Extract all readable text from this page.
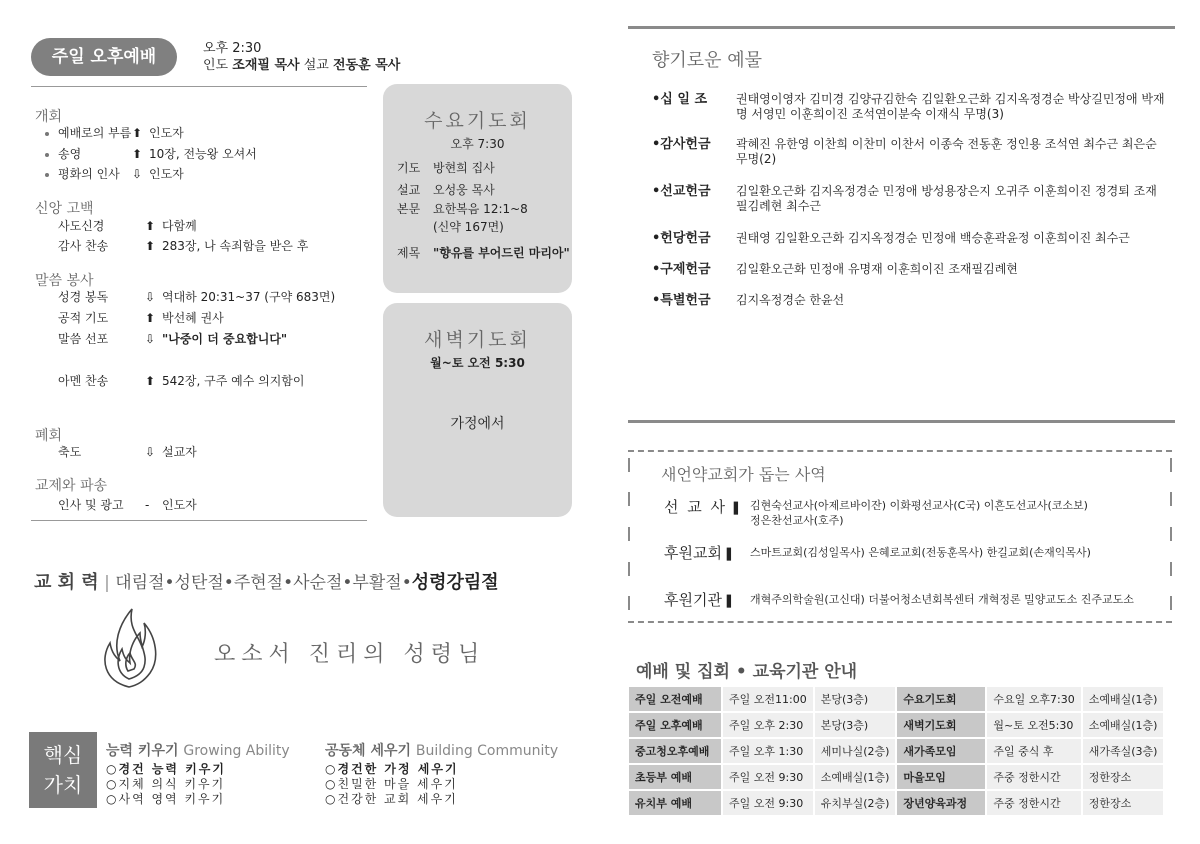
주일 오후예배	오후 2:30
인도 조재필 목사 설교 전동훈 목사
개회
예배로의 부름 ⬆ 인도자
송영	⬆ 10장, 전능왕 오셔서
평화의 인사 ⇩ 인도자
신앙 고백
사도신경	⬆ 다함께
감사 찬송	⬆ 283장, 나 속죄함을 받은 후
말씀 봉사
성경 봉독	⇩ 역대하 20:31~37 (구약 683면)
공적 기도	⬆ 박선혜 권사
말씀 선포	⇩ "나중이 더 중요합니다"
아멘 찬송	⬆ 542장, 구주 예수 의지함이
폐회
축도	⇩ 설교자
교제와 파송
인사 및 광고 - 인도자
수요기도회
오후 7:30
기도 방현희 집사
설교 오성웅 목사
본문 요한복음 12:1~8
(신약 167면)
제목 "향유를 부어드린 마리아"
새벽기도회
월~토 오전 5:30
가정에서
교 회 력 | 대림절•성탄절•주현절•사순절•부활절•성령강림절
오소서 진리의 성령님
핵심
가치
능력 키우기 Growing Ability
○경건 능력 키우기
○지체 의식 키우기
○사역 영역 키우기
공동체 세우기 Building Community
○경건한 가정 세우기
○친밀한 마을 세우기
○건강한 교회 세우기
향기로운 예물
•십 일 조 권태영이영자 김미경 김양규김한숙 김일환오근화 김지옥정경순 박상길민정애 박재명 서영민 이훈희이진 조석연이분숙 이재식 무명(3)
•감사헌금 곽혜진 유한영 이찬희 이찬미 이찬서 이종숙 전동훈 정인용 조석연 최수근 최은순 무명(2)
•선교헌금 김일환오근화 김지옥정경순 민정애 방성용장은지 오귀주 이훈희이진 정경퇴 조재필김례현 최수근
•헌당헌금 권태영 김일환오근화 김지옥정경순 민정애 백승훈곽윤정 이훈희이진 최수근
•구제헌금 김일환오근화 민정애 유명재 이훈희이진 조재필김례현
•특별헌금 김지옥정경순 한윤선
새언약교회가 돕는 사역
선 교 사 ▌ 김현숙선교사(아제르바이잔) 이화평선교사(C국) 이흔도선교사(코소보)
정은찬선교사(호주)
후원교회 ▌ 스마트교회(김성일목사) 은혜로교회(전동훈목사) 한길교회(손재익목사)
후원기관 ▌ 개혁주의학술원(고신대) 더불어청소년회복센터 개혁정론 밀양교도소 진주교도소
예배 및 집회 • 교육기관 안내
주일 오전예배	주일 오전11:00	본당(3층)	수요기도회	수요일 오후7:30	소예배실(1층)
주일 오후예배	주일 오후 2:30	본당(3층)	새벽기도회	월~토 오전5:30	소예배실(1층)
중고청오후예배	주일 오후 1:30	세미나실(2층)	새가족모임	주일 중식 후	새가족실(3층)
초등부 예배	주일 오전 9:30	소예배실(1층)	마을모임	주중 정한시간	정한장소
유치부 예배	주일 오전 9:30	유치부실(2층)	장년양육과정	주중 정한시간	정한장소
